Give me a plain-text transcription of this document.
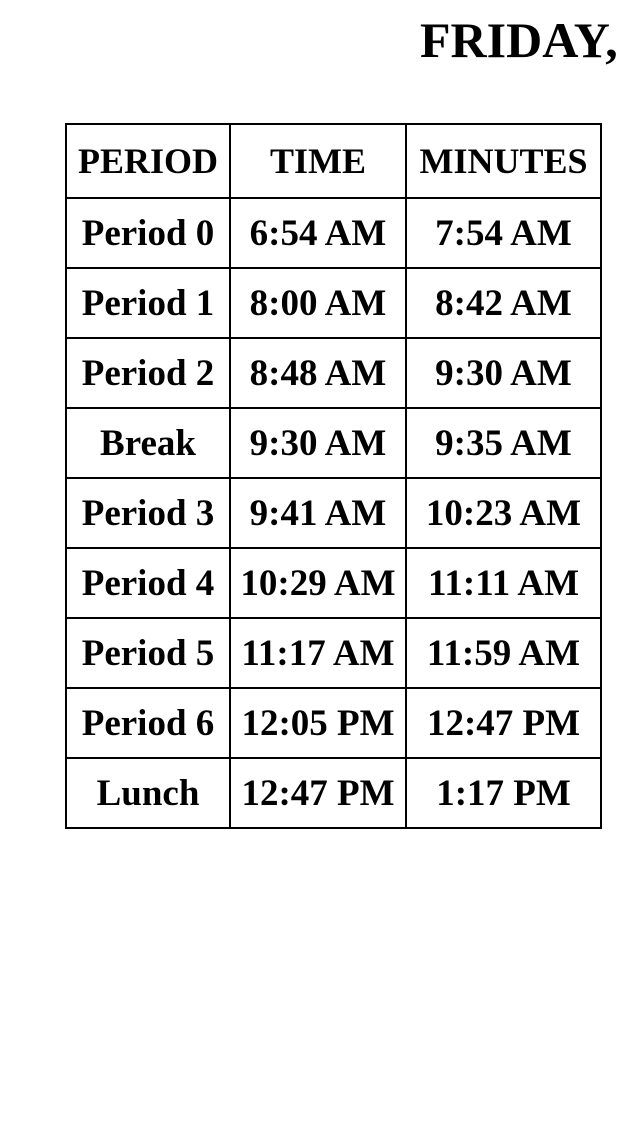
FRIDAY,
PERIOD	TIME	MINUTES
Period 0	6:54 AM	7:54 AM
Period 1	8:00 AM	8:42 AM
Period 2	8:48 AM	9:30 AM
Break	9:30 AM	9:35 AM
Period 3	9:41 AM	10:23 AM
Period 4	10:29 AM	11:11 AM
Period 5	11:17 AM	11:59 AM
Period 6	12:05 PM	12:47 PM
Lunch	12:47 PM	1:17 PM
